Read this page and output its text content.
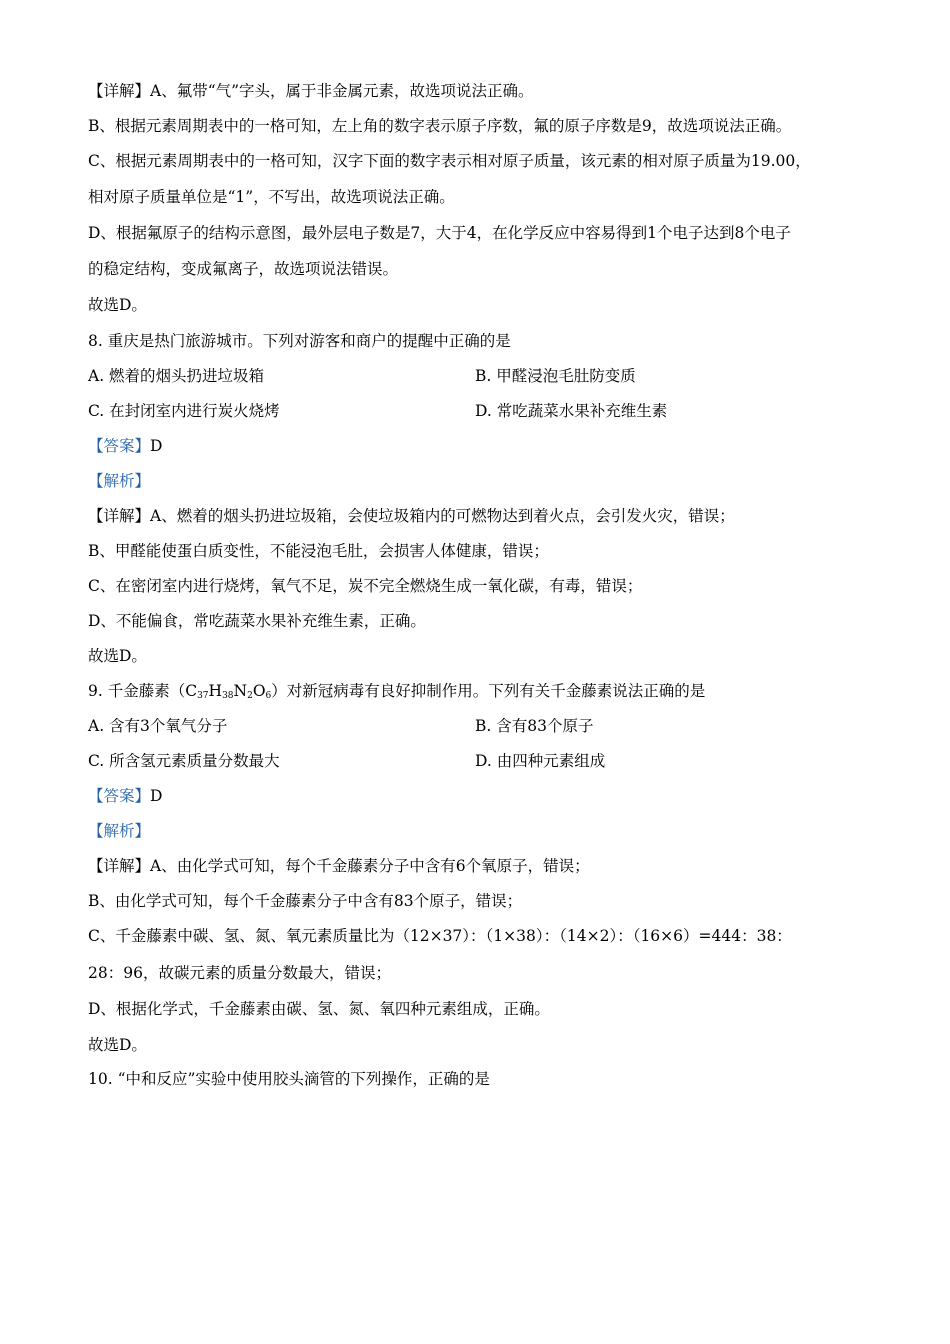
【详解】A、氟带“气”字头，属于非金属元素，故选项说法正确。
B、根据元素周期表中的一格可知，左上角的数字表示原子序数，氟的原子序数是9，故选项说法正确。
C、根据元素周期表中的一格可知，汉字下面的数字表示相对原子质量，该元素的相对原子质量为19.00，
相对原子质量单位是“1”，不写出，故选项说法正确。
D、根据氟原子的结构示意图，最外层电子数是7，大于4，在化学反应中容易得到1个电子达到8个电子
的稳定结构，变成氟离子，故选项说法错误。
故选D。
8. 重庆是热门旅游城市。下列对游客和商户的提醒中正确的是
A. 燃着的烟头扔进垃圾箱	B. 甲醛浸泡毛肚防变质
C. 在封闭室内进行炭火烧烤	D. 常吃蔬菜水果补充维生素
【答案】D
【解析】
【详解】A、燃着的烟头扔进垃圾箱，会使垃圾箱内的可燃物达到着火点，会引发火灾，错误；
B、甲醛能使蛋白质变性，不能浸泡毛肚，会损害人体健康，错误；
C、在密闭室内进行烧烤，氧气不足，炭不完全燃烧生成一氧化碳，有毒，错误；
D、不能偏食，常吃蔬菜水果补充维生素，正确。
故选D。
9. 千金藤素$(C_{37}H_{38}N_2O_6)$对新冠病毒有良好抑制作用。下列有关千金藤素说法正确的是
A. 含有3个氧气分子	B. 含有83个原子
C. 所含氢元素质量分数最大	D. 由四种元素组成
【答案】D
【解析】
【详解】A、由化学式可知，每个千金藤素分子中含有6个氧原子，错误；
B、由化学式可知，每个千金藤素分子中含有83个原子，错误；
C、千金藤素中碳、氢、氮、氧元素质量比为（12×37）：（1×38）：（14×2）：（16×6）=444：38：
28：96，故碳元素的质量分数最大，错误；
D、根据化学式，千金藤素由碳、氢、氮、氧四种元素组成，正确。
故选D。
10. “中和反应”实验中使用胶头滴管的下列操作，正确的是
